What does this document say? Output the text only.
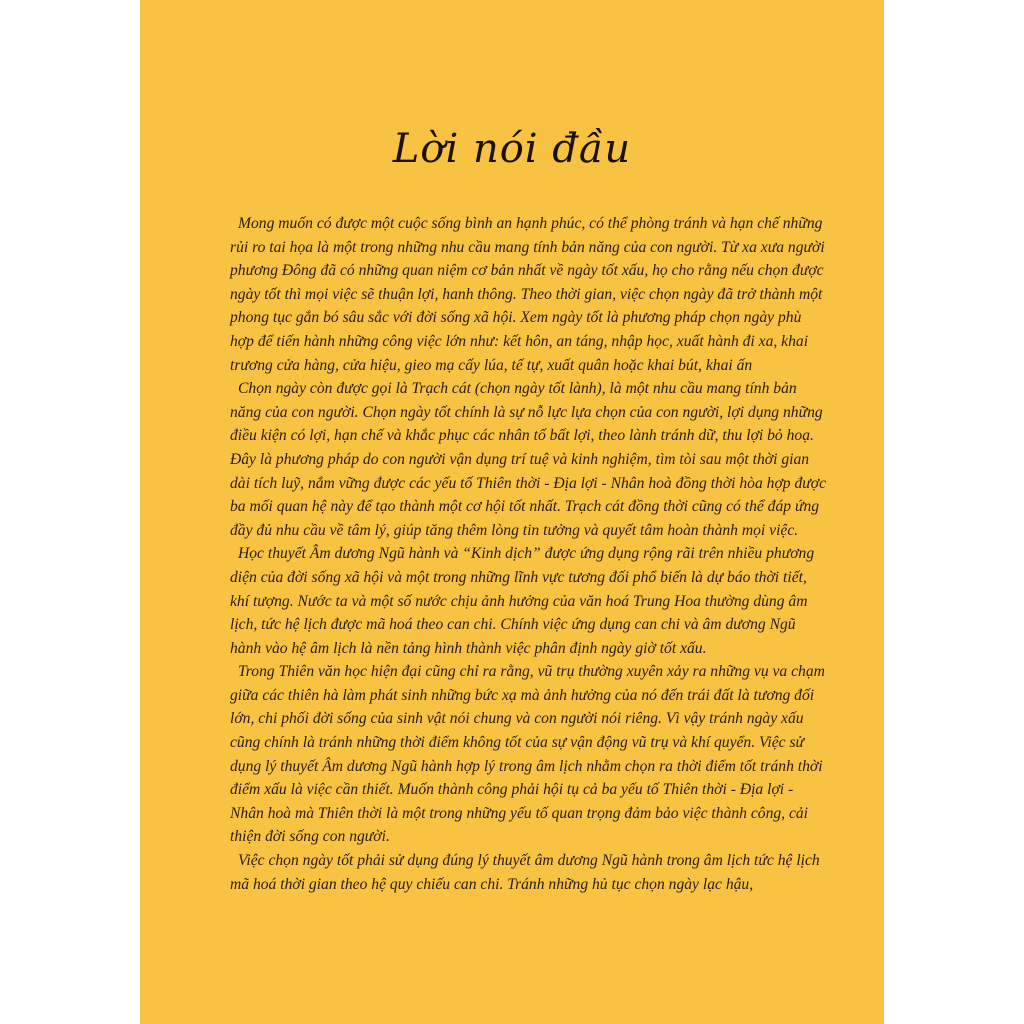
Lời nói đầu

Mong muốn có được một cuộc sống bình an hạnh phúc, có thể phòng tránh và hạn chế những rủi ro tai họa là một trong những nhu cầu mang tính bản năng của con người. Từ xa xưa người phương Đông đã có những quan niệm cơ bản nhất về ngày tốt xấu, họ cho rằng nếu chọn được ngày tốt thì mọi việc sẽ thuận lợi, hanh thông. Theo thời gian, việc chọn ngày đã trở thành một phong tục gắn bó sâu sắc với đời sống xã hội. Xem ngày tốt là phương pháp chọn ngày phù hợp để tiến hành những công việc lớn như: kết hôn, an táng, nhập học, xuất hành đi xa, khai trương cửa hàng, cửa hiệu, gieo mạ cấy lúa, tế tự, xuất quân hoặc khai bút, khai ấn

Chọn ngày còn được gọi là Trạch cát (chọn ngày tốt lành), là một nhu cầu mang tính bản năng của con người. Chọn ngày tốt chính là sự nỗ lực lựa chọn của con người, lợi dụng những điều kiện có lợi, hạn chế và khắc phục các nhân tố bất lợi, theo lành tránh dữ, thu lợi bỏ hoạ. Đây là phương pháp do con người vận dụng trí tuệ và kinh nghiệm, tìm tòi sau một thời gian dài tích luỹ, nắm vững được các yếu tố Thiên thời - Địa lợi - Nhân hoà đồng thời hòa hợp được ba mối quan hệ này để tạo thành một cơ hội tốt nhất. Trạch cát đồng thời cũng có thể đáp ứng đầy đủ nhu cầu về tâm lý, giúp tăng thêm lòng tin tưởng và quyết tâm hoàn thành mọi việc.

Học thuyết Âm dương Ngũ hành và “Kinh dịch” được ứng dụng rộng rãi trên nhiều phương diện của đời sống xã hội và một trong những lĩnh vực tương đối phổ biến là dự báo thời tiết, khí tượng. Nước ta và một số nước chịu ảnh hưởng của văn hoá Trung Hoa thường dùng âm lịch, tức hệ lịch được mã hoá theo can chi. Chính việc ứng dụng can chi và âm dương Ngũ hành vào hệ âm lịch là nền tảng hình thành việc phân định ngày giờ tốt xấu.

Trong Thiên văn học hiện đại cũng chỉ ra rằng, vũ trụ thường xuyên xảy ra những vụ va chạm giữa các thiên hà làm phát sinh những bức xạ mà ảnh hưởng của nó đến trái đất là tương đối lớn, chi phối đời sống của sinh vật nói chung và con người nói riêng. Vì vậy tránh ngày xấu cũng chính là tránh những thời điểm không tốt của sự vận động vũ trụ và khí quyển. Việc sử dụng lý thuyết Âm dương Ngũ hành hợp lý trong âm lịch nhằm chọn ra thời điểm tốt tránh thời điểm xấu là việc cần thiết. Muốn thành công phải hội tụ cả ba yếu tố Thiên thời - Địa lợi - Nhân hoà mà Thiên thời là một trong những yếu tố quan trọng đảm bảo việc thành công, cải thiện đời sống con người.

Việc chọn ngày tốt phải sử dụng đúng lý thuyết âm dương Ngũ hành trong âm lịch tức hệ lịch mã hoá thời gian theo hệ quy chiếu can chi. Tránh những hủ tục chọn ngày lạc hậu,
